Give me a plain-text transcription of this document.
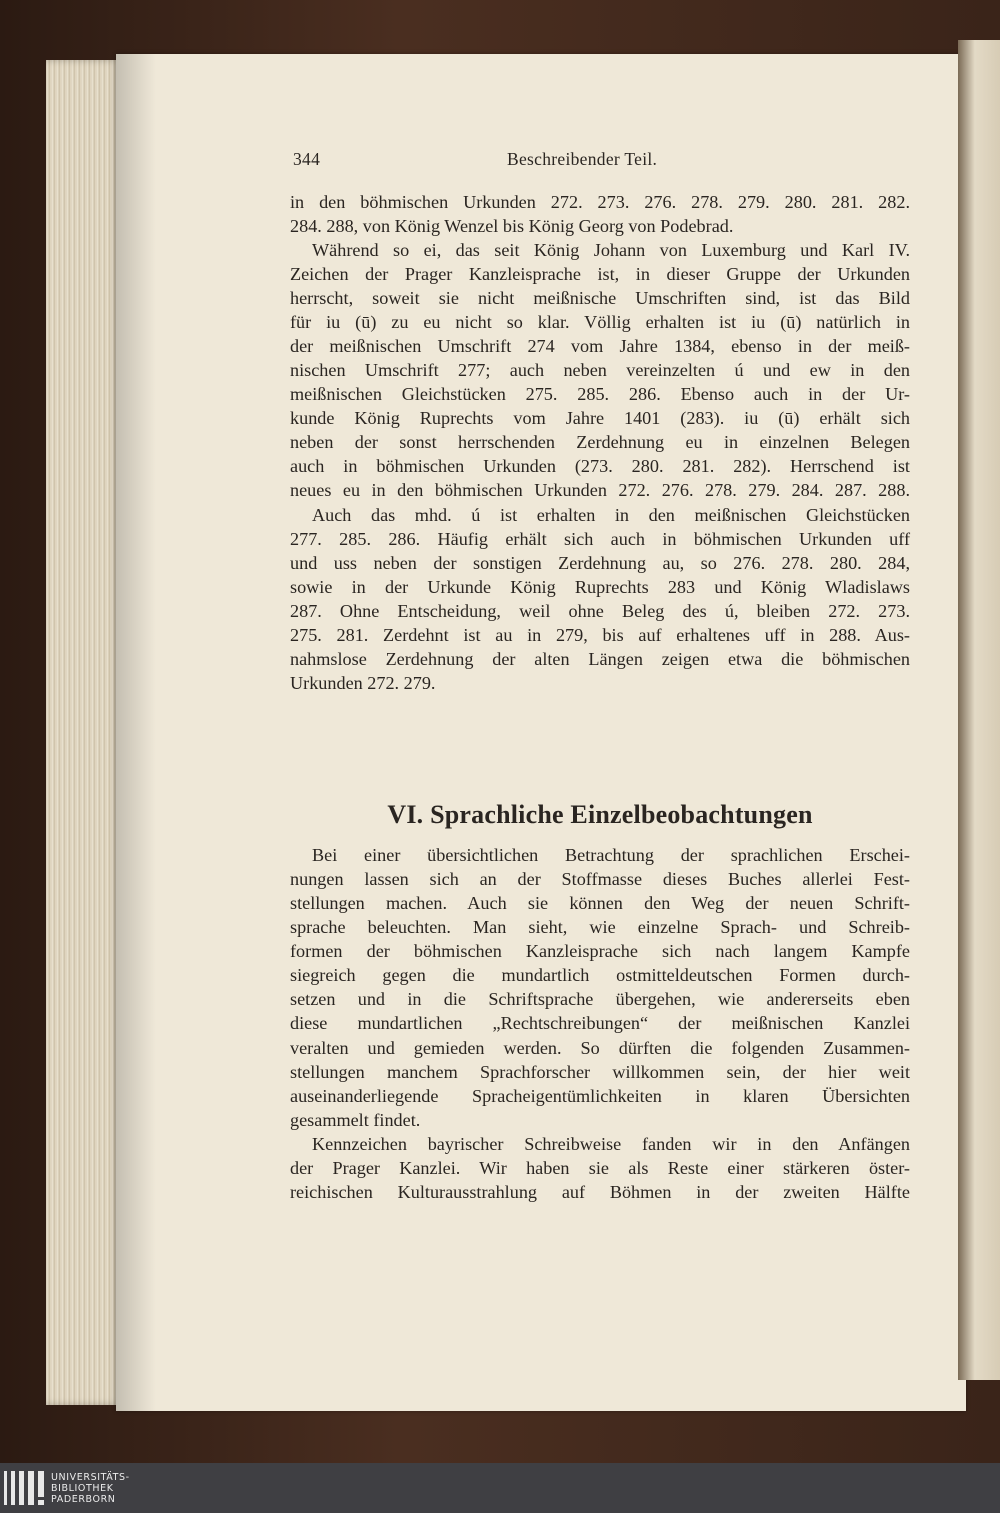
344	Beschreibender Teil.
in den böhmischen Urkunden 272. 273. 276. 278. 279. 280. 281. 282.
284. 288, von König Wenzel bis König Georg von Podebrad.
Während so ei, das seit König Johann von Luxemburg und Karl IV.
Zeichen der Prager Kanzleisprache ist, in dieser Gruppe der Urkunden
herrscht, soweit sie nicht meißnische Umschriften sind, ist das Bild
für iu (ū) zu eu nicht so klar. Völlig erhalten ist iu (ū) natürlich in
der meißnischen Umschrift 274 vom Jahre 1384, ebenso in der meiß-
nischen Umschrift 277; auch neben vereinzelten ú und ew in den
meißnischen Gleichstücken 275. 285. 286. Ebenso auch in der Ur-
kunde König Ruprechts vom Jahre 1401 (283). iu (ū) erhält sich
neben der sonst herrschenden Zerdehnung eu in einzelnen Belegen
auch in böhmischen Urkunden (273. 280. 281. 282). Herrschend ist
neues eu in den böhmischen Urkunden 272. 276. 278. 279. 284. 287. 288.
Auch das mhd. ú ist erhalten in den meißnischen Gleichstücken
277. 285. 286. Häufig erhält sich auch in böhmischen Urkunden uff
und uss neben der sonstigen Zerdehnung au, so 276. 278. 280. 284,
sowie in der Urkunde König Ruprechts 283 und König Wladislaws
287. Ohne Entscheidung, weil ohne Beleg des ú, bleiben 272. 273.
275. 281. Zerdehnt ist au in 279, bis auf erhaltenes uff in 288. Aus-
nahmslose Zerdehnung der alten Längen zeigen etwa die böhmischen
Urkunden 272. 279.
VI. Sprachliche Einzelbeobachtungen
Bei einer übersichtlichen Betrachtung der sprachlichen Erschei-
nungen lassen sich an der Stoffmasse dieses Buches allerlei Fest-
stellungen machen. Auch sie können den Weg der neuen Schrift-
sprache beleuchten. Man sieht, wie einzelne Sprach- und Schreib-
formen der böhmischen Kanzleisprache sich nach langem Kampfe
siegreich gegen die mundartlich ostmitteldeutschen Formen durch-
setzen und in die Schriftsprache übergehen, wie andererseits eben
diese mundartlichen „Rechtschreibungen“ der meißnischen Kanzlei
veralten und gemieden werden. So dürften die folgenden Zusammen-
stellungen manchem Sprachforscher willkommen sein, der hier weit
auseinanderliegende Spracheigentümlichkeiten in klaren Übersichten
gesammelt findet.
Kennzeichen bayrischer Schreibweise fanden wir in den Anfängen
der Prager Kanzlei. Wir haben sie als Reste einer stärkeren öster-
reichischen Kulturausstrahlung auf Böhmen in der zweiten Hälfte
UNIVERSITÄTS-
BIBLIOTHEK
PADERBORN
